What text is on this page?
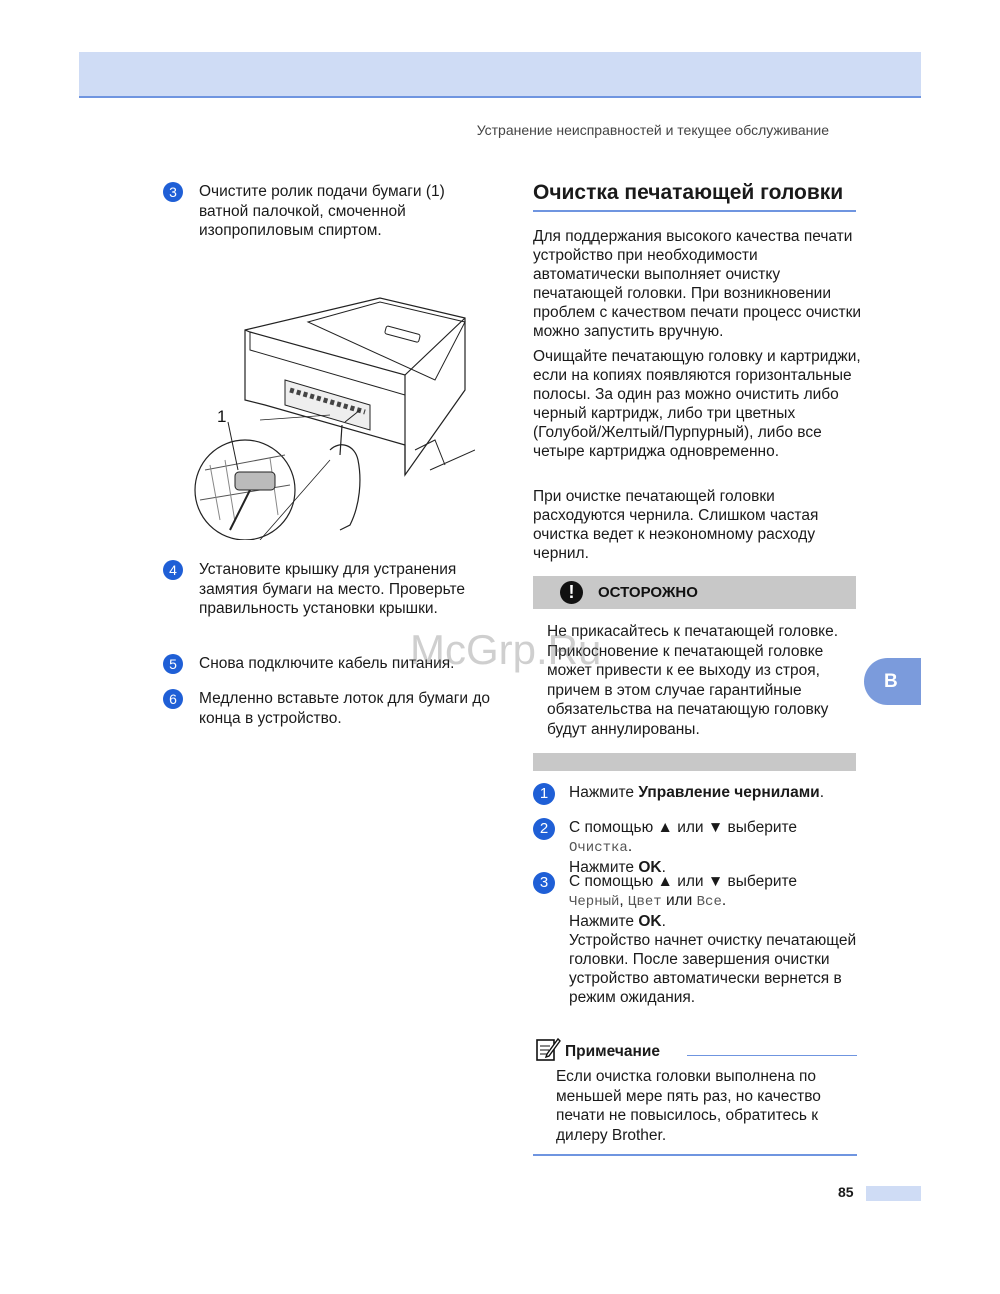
Устранение неисправностей и текущее обслуживание
3	Очистите ролик подачи бумаги (1) ватной палочкой, смоченной изопропиловым спиртом.
1
4	Установите крышку для устранения замятия бумаги на место. Проверьте правильность установки крышки.
5	Снова подключите кабель питания.
6	Медленно вставьте лоток для бумаги до конца в устройство.
Очистка печатающей головки
Для поддержания высокого качества печати устройство при необходимости автоматически выполняет очистку печатающей головки. При возникновении проблем с качеством печати процесс очистки можно запустить вручную.
Очищайте печатающую головку и картриджи, если на копиях появляются горизонтальные полосы. За один раз можно очистить либо черный картридж, либо три цветных (Голубой/Желтый/Пурпурный), либо все четыре картриджа одновременно.
При очистке печатающей головки расходуются чернила. Слишком частая очистка ведет к неэкономному расходу чернил.
!	ОСТОРОЖНО
Не прикасайтесь к печатающей головке. Прикосновение к печатающей головке может привести к ее выходу из строя, причем в этом случае гарантийные обязательства на печатающую головку будут аннулированы.
1	Нажмите Управление чернилами.
2	С помощью ▲ или ▼ выберите Очистка.
Нажмите OK.
3	С помощью ▲ или ▼ выберите
Черный, Цвет или Все.
Нажмите OK.
Устройство начнет очистку печатающей головки. После завершения очистки устройство автоматически вернется в режим ожидания.
Примечание
Если очистка головки выполнена по меньшей мере пять раз, но качество печати не повысилось, обратитесь к дилеру Brother.
B
McGrp.Ru
85
